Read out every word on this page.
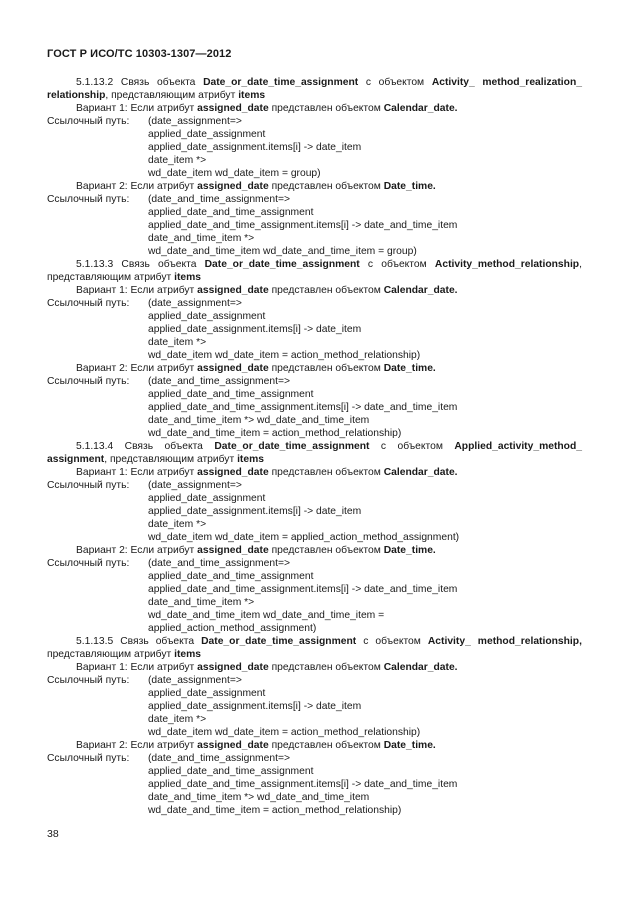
ГОСТ Р ИСО/ТС 10303-1307—2012
5.1.13.2 Связь объекта Date_or_date_time_assignment с объектом Activity_ method_realization_
relationship, представляющим атрибут items
Вариант 1: Если атрибут assigned_date представлен объектом Calendar_date.
Ссылочный путь:	(date_assignment=>
applied_date_assignment
applied_date_assignment.items[i] -> date_item
date_item *>
wd_date_item wd_date_item = group)
Вариант 2: Если атрибут assigned_date представлен объектом Date_time.
Ссылочный путь:	(date_and_time_assignment=>
applied_date_and_time_assignment
applied_date_and_time_assignment.items[i] -> date_and_time_item
date_and_time_item *>
wd_date_and_time_item wd_date_and_time_item = group)
5.1.13.3 Связь объекта Date_or_date_time_assignment с объектом Activity_method_relationship,
представляющим атрибут items
Вариант 1: Если атрибут assigned_date представлен объектом Calendar_date.
Ссылочный путь:	(date_assignment=>
applied_date_assignment
applied_date_assignment.items[i] -> date_item
date_item *>
wd_date_item wd_date_item = action_method_relationship)
Вариант 2: Если атрибут assigned_date представлен объектом Date_time.
Ссылочный путь:	(date_and_time_assignment=>
applied_date_and_time_assignment
applied_date_and_time_assignment.items[i] -> date_and_time_item
date_and_time_item *> wd_date_and_time_item
wd_date_and_time_item = action_method_relationship)
5.1.13.4 Связь объекта Date_or_date_time_assignment с объектом Applied_activity_method_
assignment, представляющим атрибут items
Вариант 1: Если атрибут assigned_date представлен объектом Calendar_date.
Ссылочный путь:	(date_assignment=>
applied_date_assignment
applied_date_assignment.items[i] -> date_item
date_item *>
wd_date_item wd_date_item = applied_action_method_assignment)
Вариант 2: Если атрибут assigned_date представлен объектом Date_time.
Ссылочный путь:	(date_and_time_assignment=>
applied_date_and_time_assignment
applied_date_and_time_assignment.items[i] -> date_and_time_item
date_and_time_item *>
wd_date_and_time_item wd_date_and_time_item =
applied_action_method_assignment)
5.1.13.5 Связь объекта Date_or_date_time_assignment с объектом Activity_ method_relationship,
представляющим атрибут items
Вариант 1: Если атрибут assigned_date представлен объектом Calendar_date.
Ссылочный путь:	(date_assignment=>
applied_date_assignment
applied_date_assignment.items[i] -> date_item
date_item *>
wd_date_item wd_date_item = action_method_relationship)
Вариант 2: Если атрибут assigned_date представлен объектом Date_time.
Ссылочный путь:	(date_and_time_assignment=>
applied_date_and_time_assignment
applied_date_and_time_assignment.items[i] -> date_and_time_item
date_and_time_item *> wd_date_and_time_item
wd_date_and_time_item = action_method_relationship)
38
